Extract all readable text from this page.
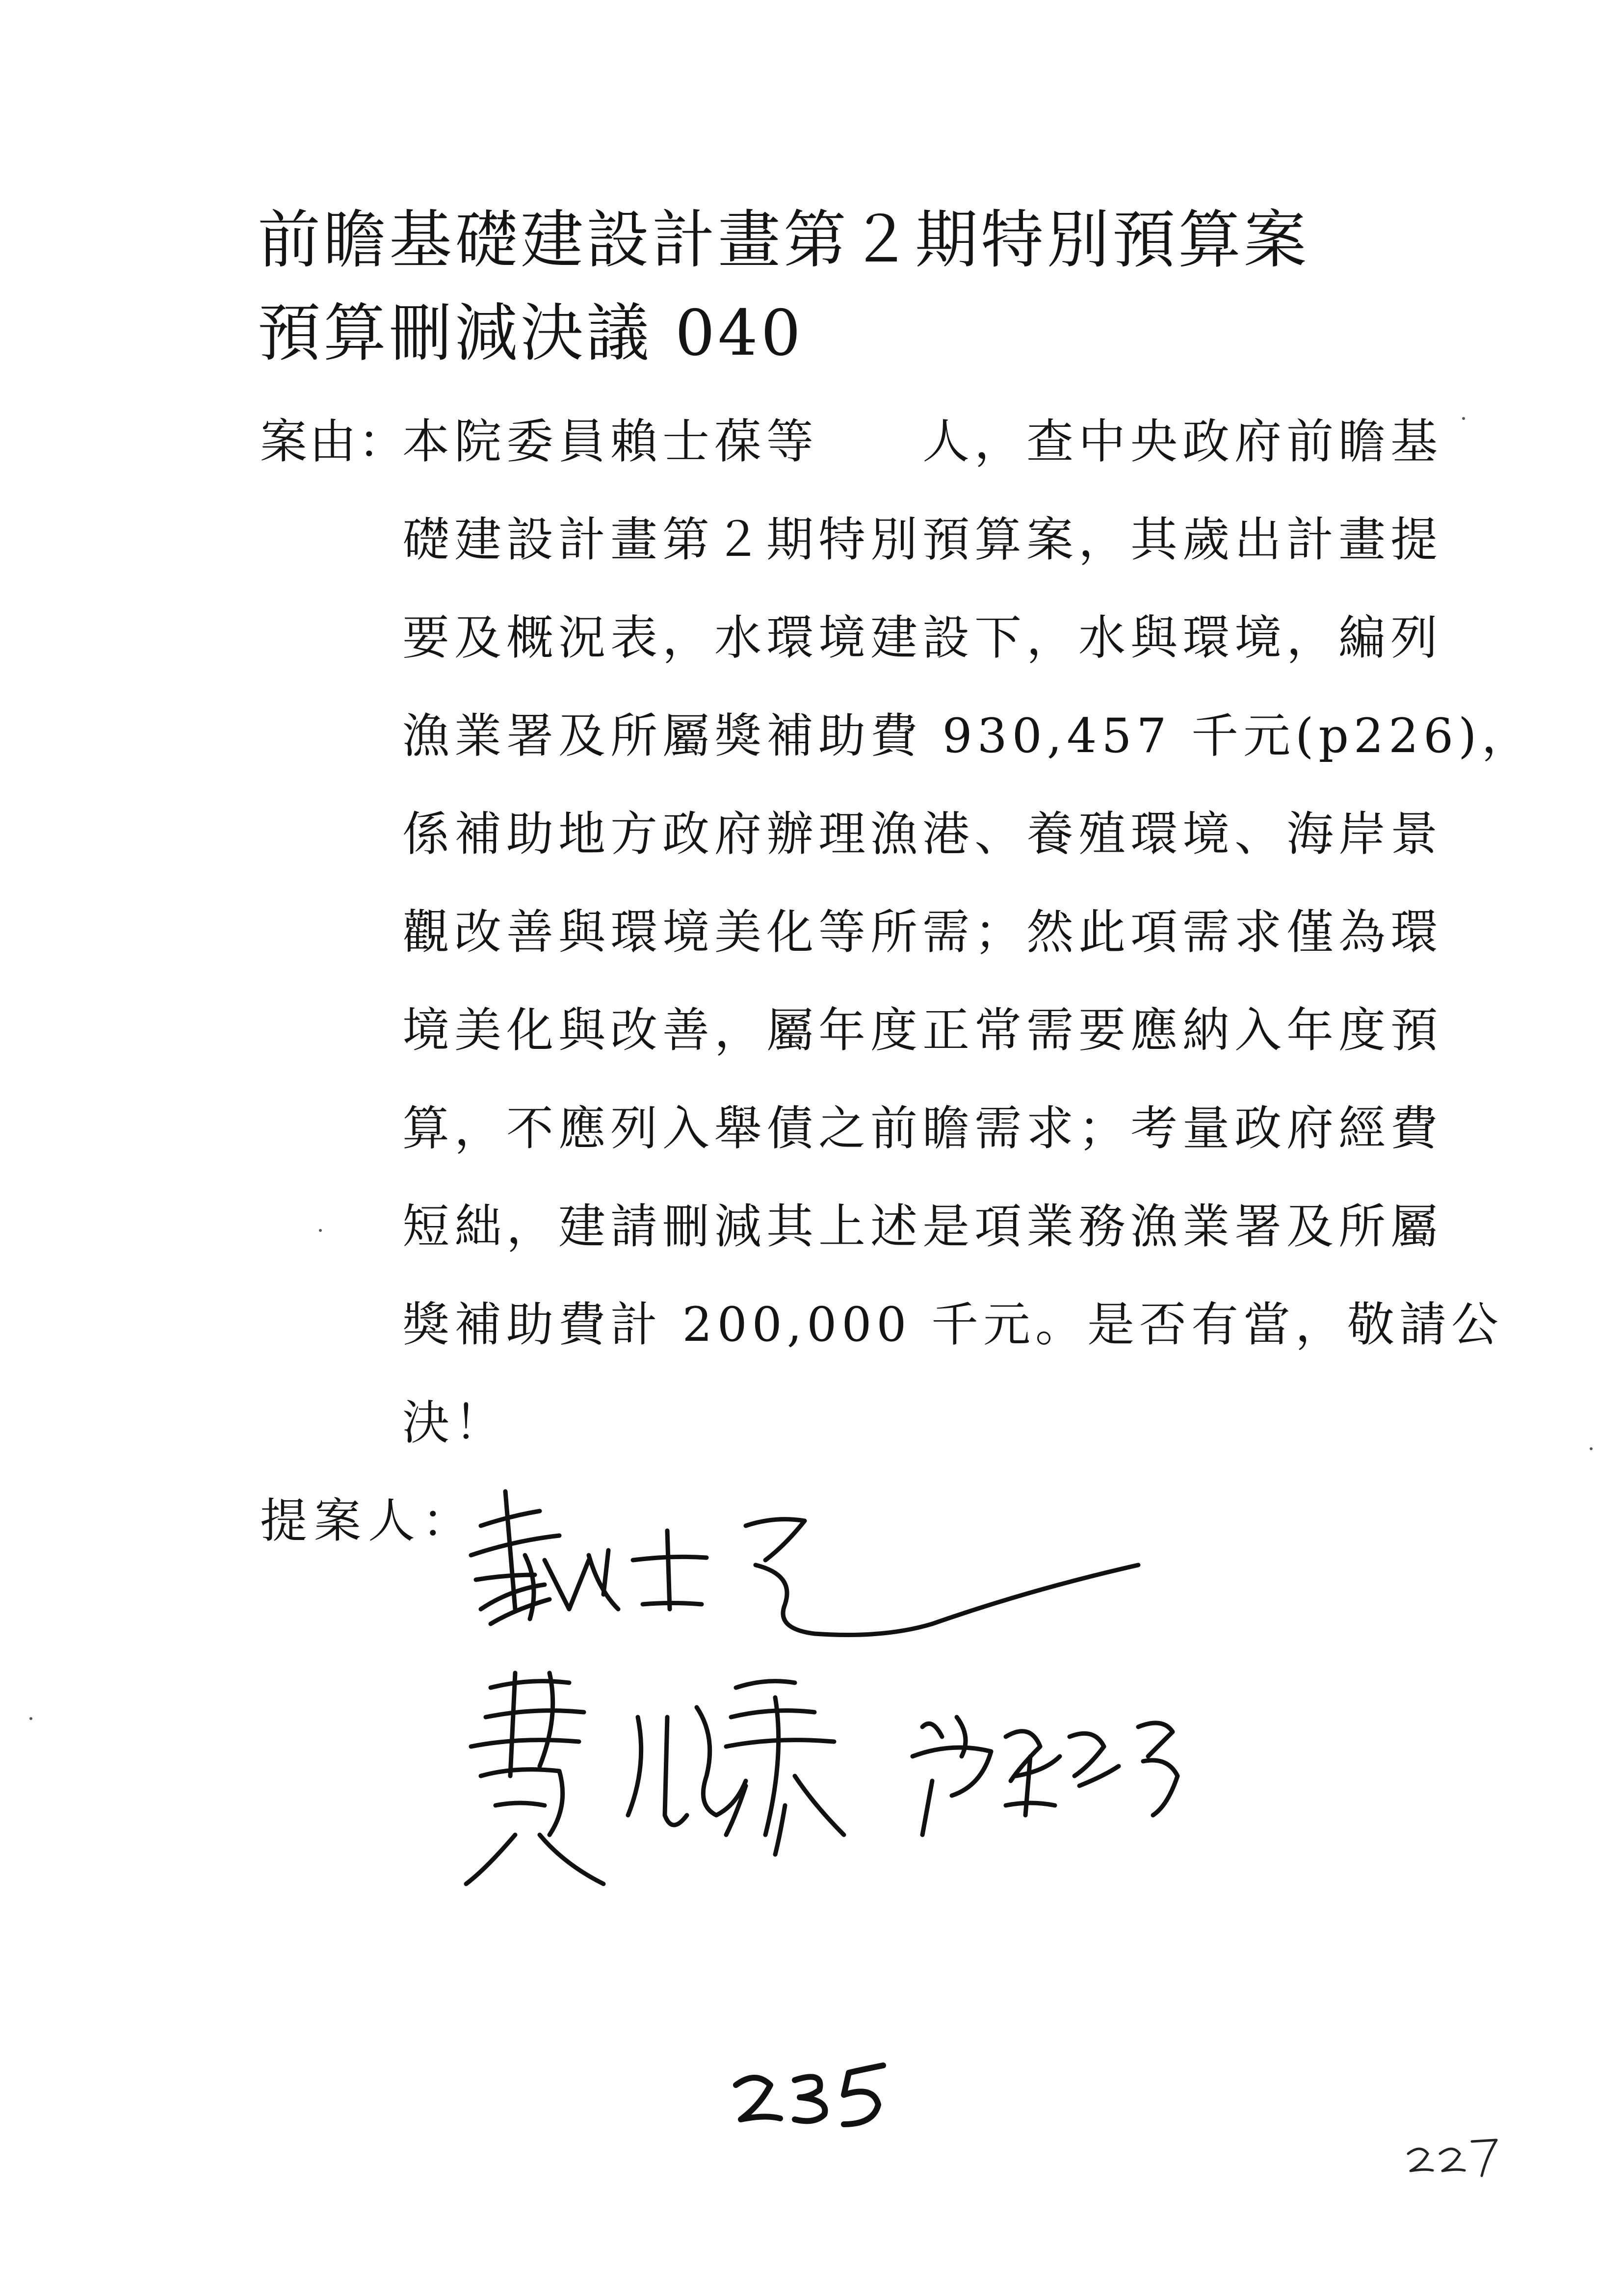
前瞻基礎建設計畫第２期特別預算案
預算刪減決議 040
案由：
本院委員賴士葆等　　人，查中央政府前瞻基
礎建設計畫第２期特別預算案，其歲出計畫提
要及概況表，水環境建設下，水與環境，編列
漁業署及所屬獎補助費 930,457 千元(p226)，
係補助地方政府辦理漁港、養殖環境、海岸景
觀改善與環境美化等所需；然此項需求僅為環
境美化與改善，屬年度正常需要應納入年度預
算，不應列入舉債之前瞻需求；考量政府經費
短絀，建請刪減其上述是項業務漁業署及所屬
獎補助費計 200,000 千元。是否有當，敬請公
決！
提案人：
